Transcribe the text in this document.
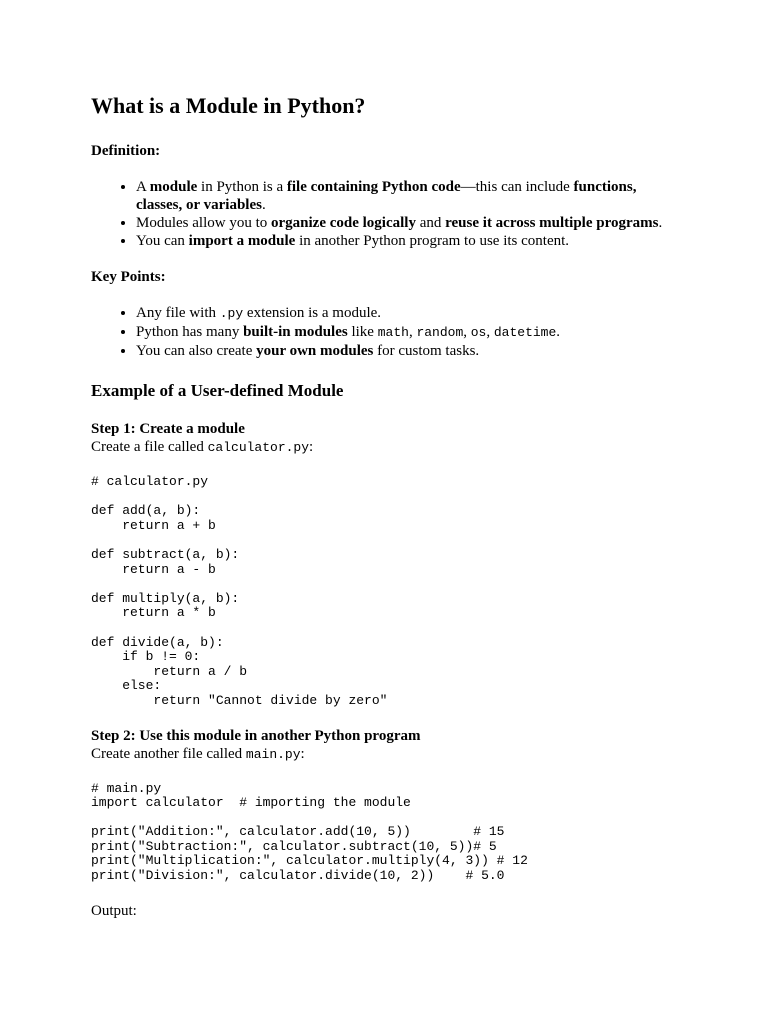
What is a Module in Python?

Definition:

• A module in Python is a file containing Python code—this can include functions, classes, or variables.
• Modules allow you to organize code logically and reuse it across multiple programs.
• You can import a module in another Python program to use its content.

Key Points:

• Any file with .py extension is a module.
• Python has many built-in modules like math, random, os, datetime.
• You can also create your own modules for custom tasks.
Example of a User-defined Module

Step 1: Create a module

Create a file called calculator.py:

# calculator.py

def add(a, b):
return a + b

def subtract(a, b):
return a - b

def multiply(a, b):
return a * b

def divide(a, b):
if b != 0:
return a / b
else:
return "Cannot divide by zero"

Step 2: Use this module in another Python program

Create another file called main.py:

# main.py
import calculator  # importing the module

print("Addition:", calculator.add(10, 5))        # 15
print("Subtraction:", calculator.subtract(10, 5))# 5
print("Multiplication:", calculator.multiply(4, 3)) # 12
print("Division:", calculator.divide(10, 2))    # 5.0

Output:
